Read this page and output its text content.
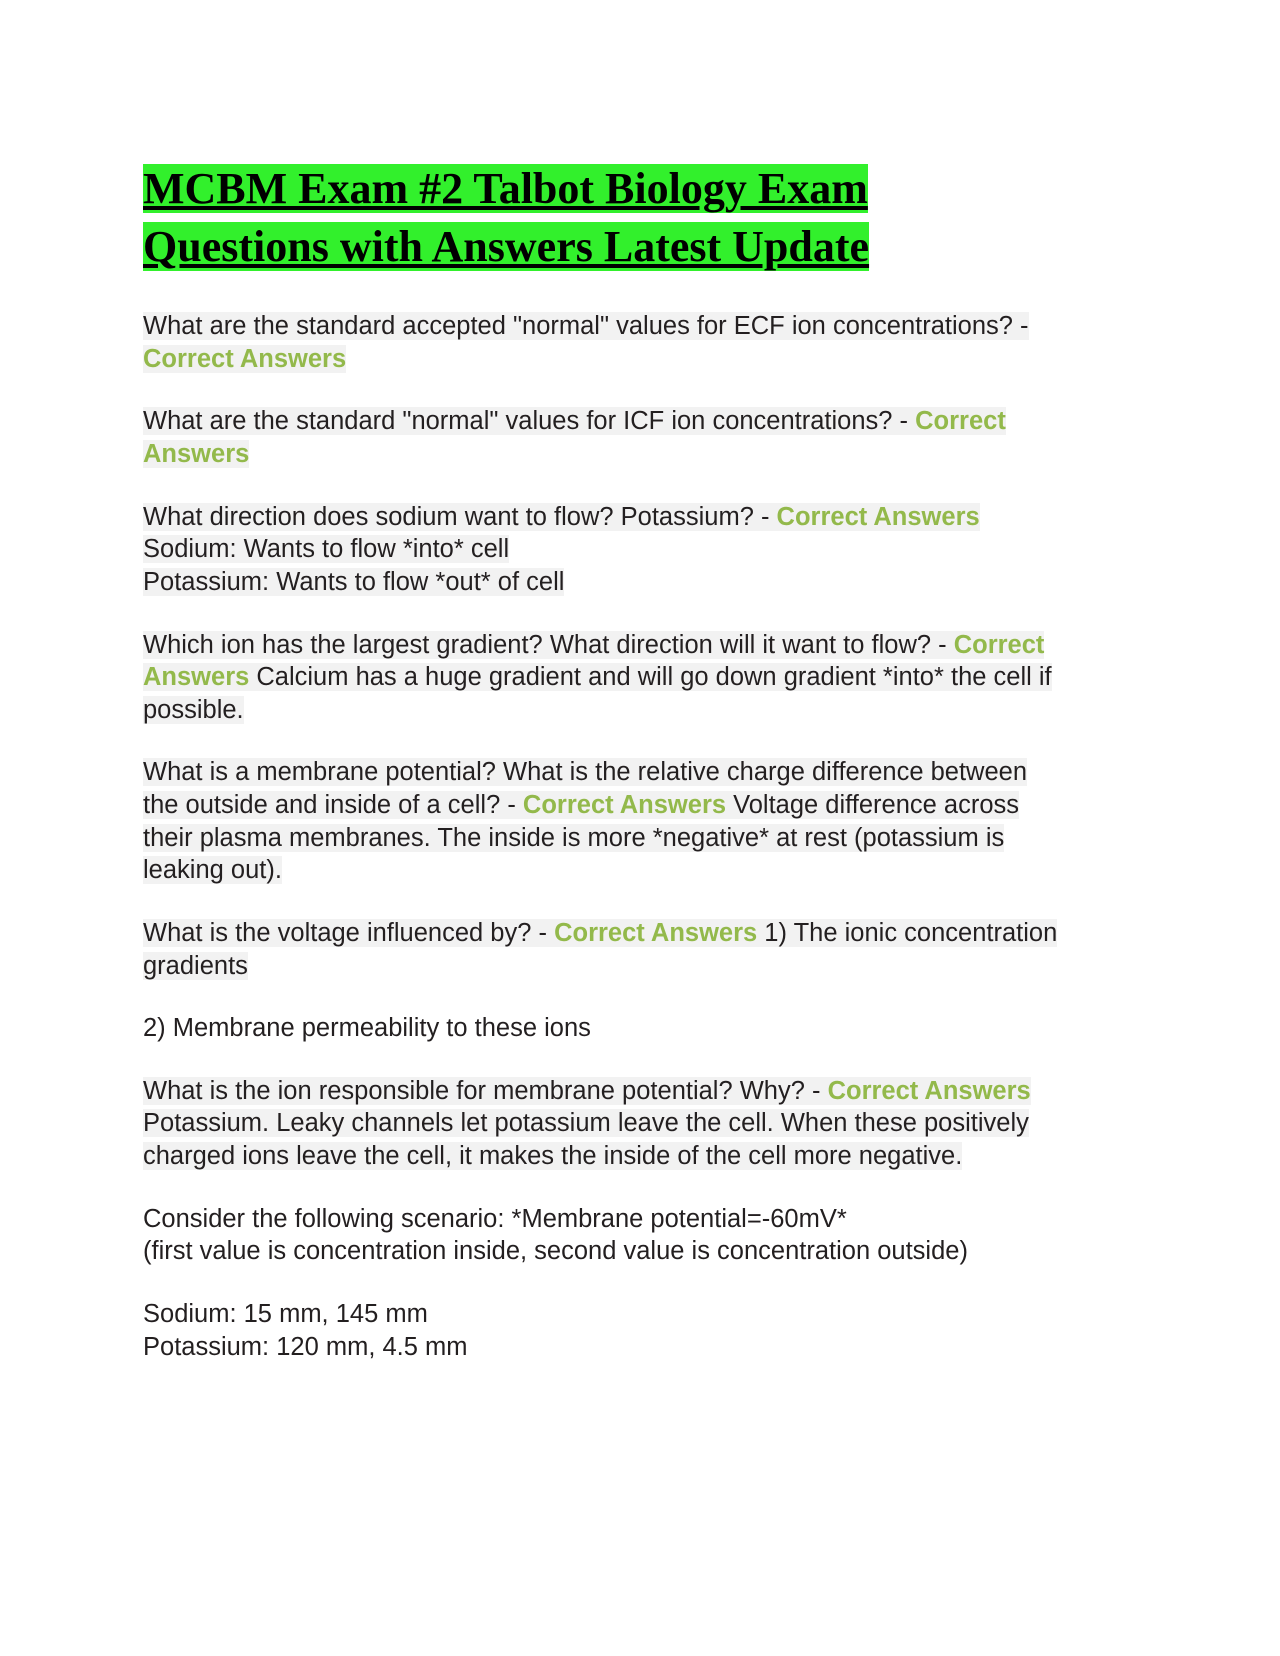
MCBM Exam #2 Talbot Biology Exam
Questions with Answers Latest Update

What are the standard accepted "normal" values for ECF ion concentrations? - Correct Answers

What are the standard "normal" values for ICF ion concentrations? - Correct Answers

What direction does sodium want to flow? Potassium? - Correct Answers
Sodium: Wants to flow *into* cell
Potassium: Wants to flow *out* of cell

Which ion has the largest gradient? What direction will it want to flow? - Correct Answers Calcium has a huge gradient and will go down gradient *into* the cell if possible.

What is a membrane potential? What is the relative charge difference between the outside and inside of a cell? - Correct Answers Voltage difference across their plasma membranes. The inside is more *negative* at rest (potassium is leaking out).

What is the voltage influenced by? - Correct Answers 1) The ionic concentration gradients

2) Membrane permeability to these ions

What is the ion responsible for membrane potential? Why? - Correct Answers Potassium. Leaky channels let potassium leave the cell. When these positively charged ions leave the cell, it makes the inside of the cell more negative.

Consider the following scenario: *Membrane potential=-60mV*
(first value is concentration inside, second value is concentration outside)

Sodium: 15 mm, 145 mm
Potassium: 120 mm, 4.5 mm
